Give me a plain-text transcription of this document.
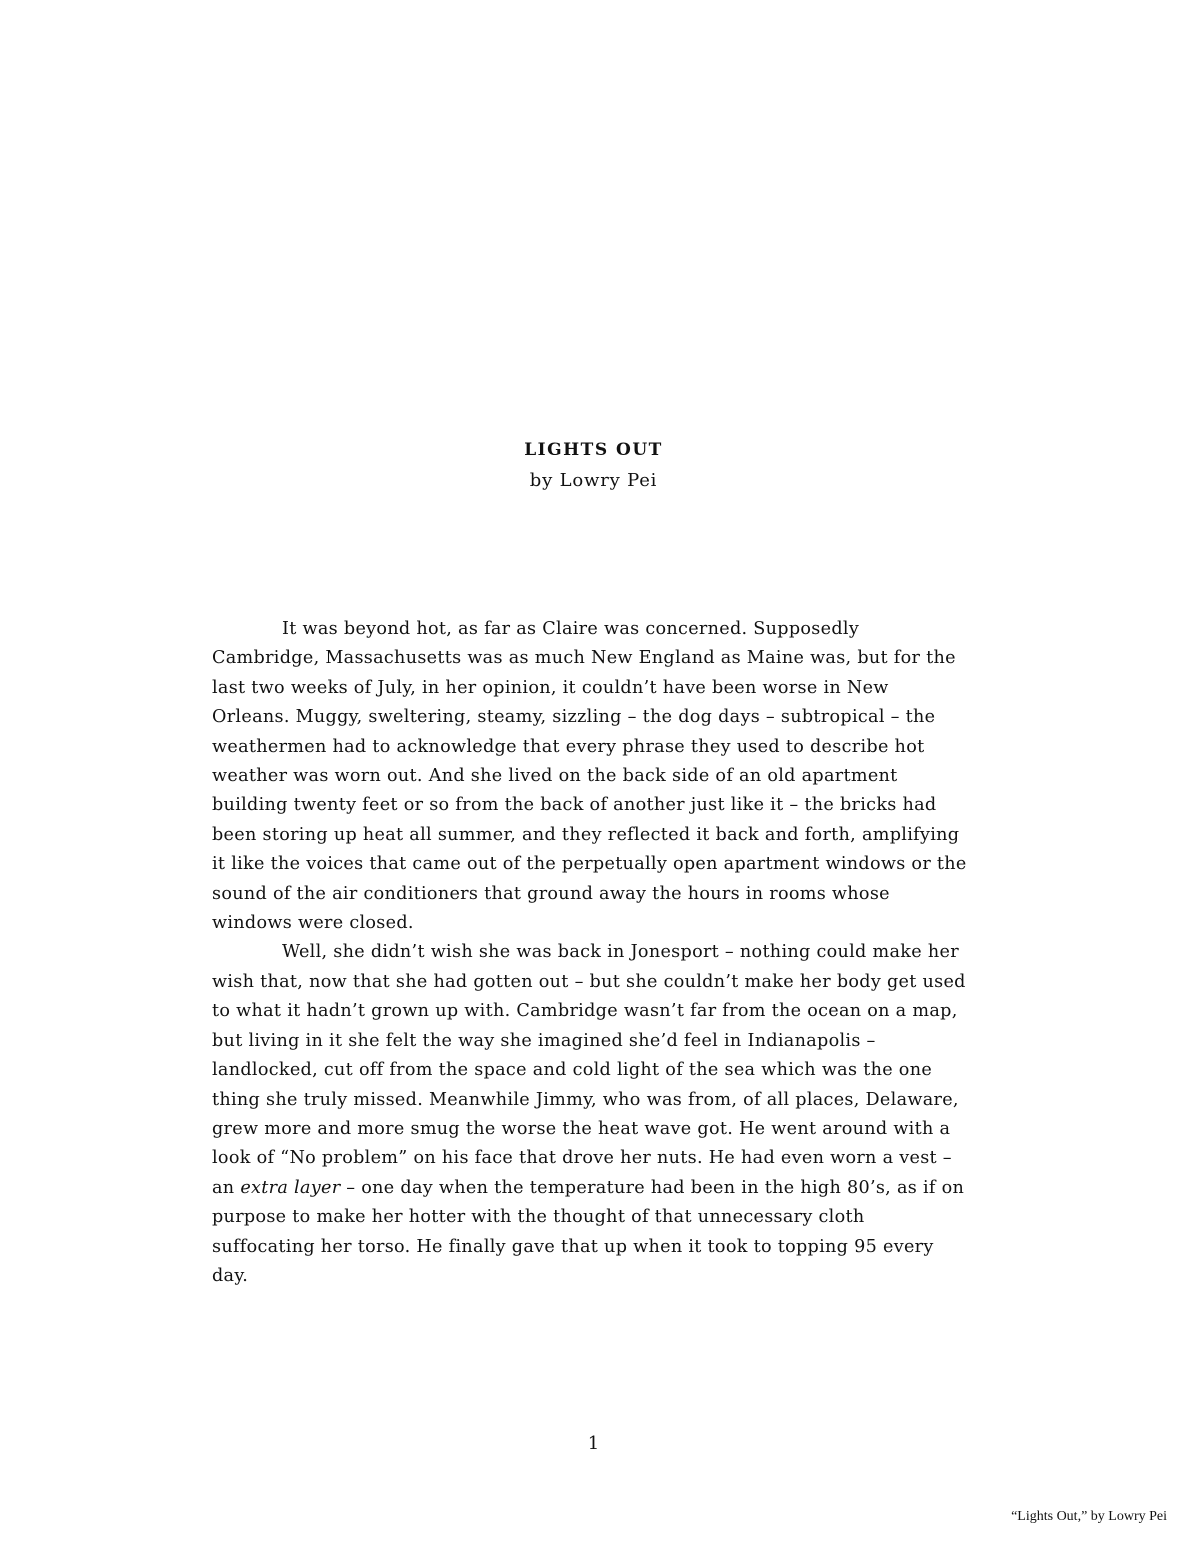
LIGHTS OUT
by Lowry Pei

It was beyond hot, as far as Claire was concerned. Supposedly Cambridge, Massachusetts was as much New England as Maine was, but for the last two weeks of July, in her opinion, it couldn’t have been worse in New Orleans. Muggy, sweltering, steamy, sizzling – the dog days – subtropical – the weathermen had to acknowledge that every phrase they used to describe hot weather was worn out. And she lived on the back side of an old apartment building twenty feet or so from the back of another just like it – the bricks had been storing up heat all summer, and they reflected it back and forth, amplifying it like the voices that came out of the perpetually open apartment windows or the sound of the air conditioners that ground away the hours in rooms whose windows were closed.

Well, she didn’t wish she was back in Jonesport – nothing could make her wish that, now that she had gotten out – but she couldn’t make her body get used to what it hadn’t grown up with. Cambridge wasn’t far from the ocean on a map, but living in it she felt the way she imagined she’d feel in Indianapolis – landlocked, cut off from the space and cold light of the sea which was the one thing she truly missed. Meanwhile Jimmy, who was from, of all places, Delaware, grew more and more smug the worse the heat wave got. He went around with a look of “No problem” on his face that drove her nuts. He had even worn a vest – an extra layer – one day when the temperature had been in the high 80’s, as if on purpose to make her hotter with the thought of that unnecessary cloth suffocating her torso. He finally gave that up when it took to topping 95 every day.

1
“Lights Out,” by Lowry Pei
